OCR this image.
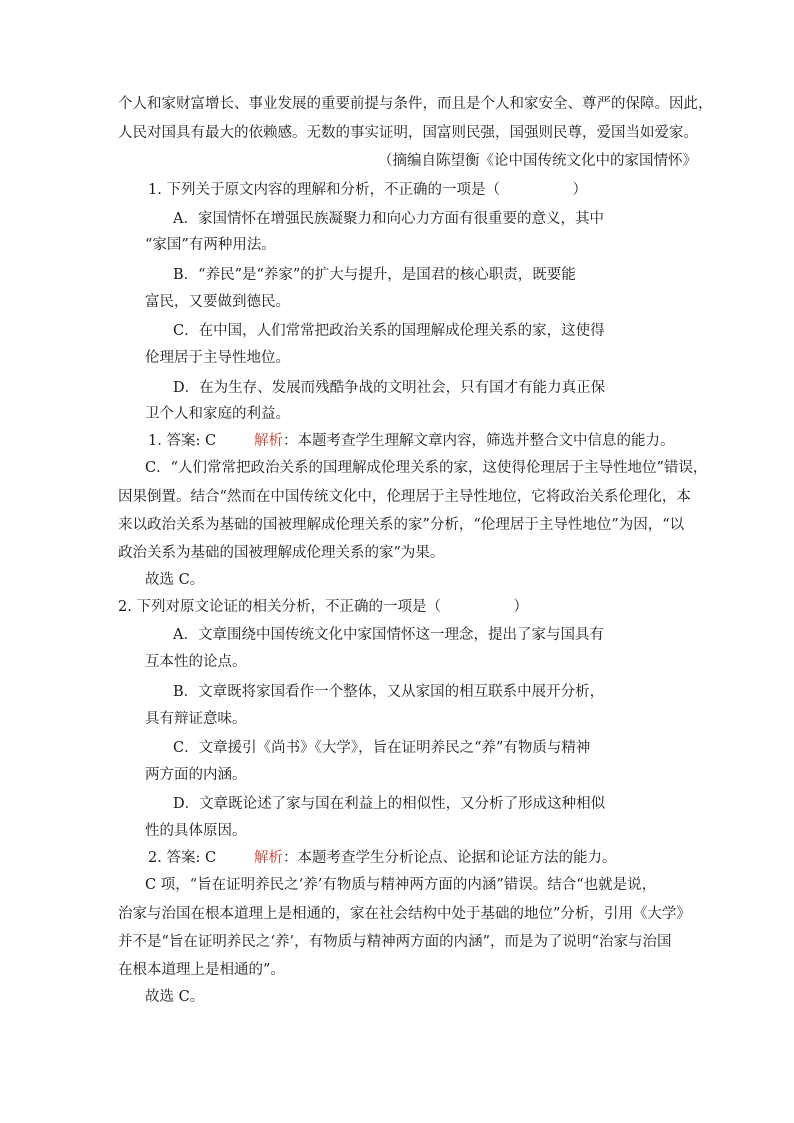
个人和家财富增长、事业发展的重要前提与条件，而且是个人和家安全、尊严的保障。因此，
人民对国具有最大的依赖感。无数的事实证明，国富则民强，国强则民尊，爱国当如爱家。
（摘编自陈望衡《论中国传统文化中的家国情怀》
1. 下列关于原文内容的理解和分析，不正确的一项是（　　　　　）
A．家国情怀在增强民族凝聚力和向心力方面有很重要的意义，其中
“家国”有两种用法。
B．“养民”是“养家”的扩大与提升，是国君的核心职责，既要能
富民，又要做到德民。
C．在中国，人们常常把政治关系的国理解成伦理关系的家，这使得
伦理居于主导性地位。
D．在为生存、发展而残酷争战的文明社会，只有国才有能力真正保
卫个人和家庭的利益。
1. 答案: C	解析：本题考查学生理解文章内容，筛选并整合文中信息的能力。
C．“人们常常把政治关系的国理解成伦理关系的家，这使得伦理居于主导性地位”错误，
因果倒置。结合“然而在中国传统文化中，伦理居于主导性地位，它将政治关系伦理化，本
来以政治关系为基础的国被理解成伦理关系的家”分析，“伦理居于主导性地位”为因，“以
政治关系为基础的国被理解成伦理关系的家”为果。
故选 C。
2. 下列对原文论证的相关分析，不正确的一项是（　　　　　）
A．文章围绕中国传统文化中家国情怀这一理念，提出了家与国具有
互本性的论点。
B．文章既将家国看作一个整体，又从家国的相互联系中展开分析，
具有辩证意味。
C．文章援引《尚书》《大学》，旨在证明养民之“养”有物质与精神
两方面的内涵。
D．文章既论述了家与国在利益上的相似性，又分析了形成这种相似
性的具体原因。
2. 答案: C	解析：本题考查学生分析论点、论据和论证方法的能力。
C 项，“旨在证明养民之‘养’有物质与精神两方面的内涵”错误。结合“也就是说，
治家与治国在根本道理上是相通的，家在社会结构中处于基础的地位”分析，引用《大学》
并不是“旨在证明养民之‘养’，有物质与精神两方面的内涵”，而是为了说明“治家与治国
在根本道理上是相通的”。
故选 C。
